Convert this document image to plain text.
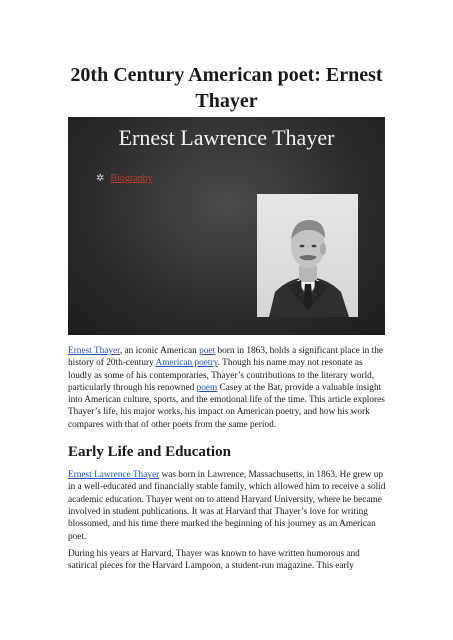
20th Century American poet: Ernest
Thayer
Ernest Lawrence Thayer
✲ Biography

Ernest Thayer, an iconic American poet born in 1863, holds a significant place in the history of 20th-century American poetry. Though his name may not resonate as loudly as some of his contemporaries, Thayer’s contributions to the literary world, particularly through his renowned poem Casey at the Bat, provide a valuable insight into American culture, sports, and the emotional life of the time. This article explores Thayer’s life, his major works, his impact on American poetry, and how his work compares with that of other poets from the same period.

Early Life and Education

Ernest Lawrence Thayer was born in Lawrence, Massachusetts, in 1863. He grew up in a well-educated and financially stable family, which allowed him to receive a solid academic education. Thayer went on to attend Harvard University, where he became involved in student publications. It was at Harvard that Thayer’s love for writing blossomed, and his time there marked the beginning of his journey as an American poet.

During his years at Harvard, Thayer was known to have written humorous and satirical pieces for the Harvard Lampoon, a student-run magazine. This early
